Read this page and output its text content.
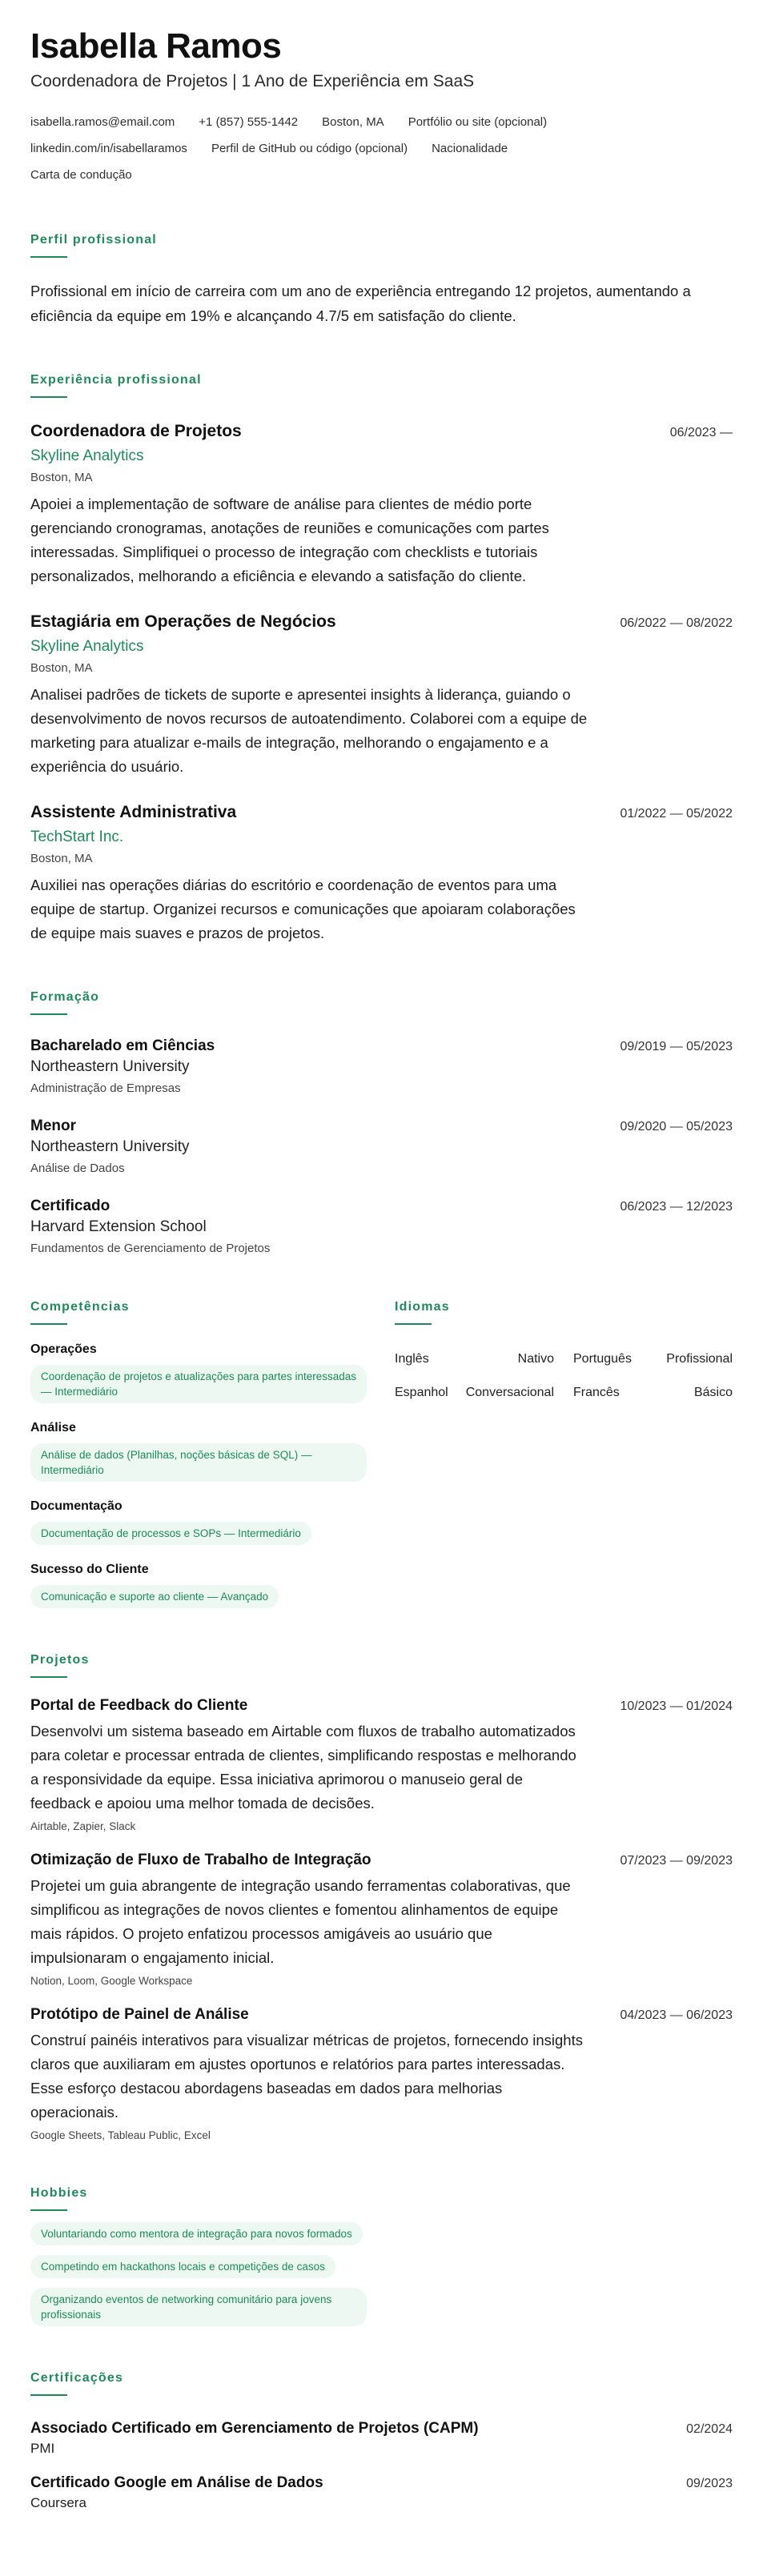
Isabella Ramos
Coordenadora de Projetos | 1 Ano de Experiência em SaaS
isabella.ramos@email.com +1 (857) 555-1442 Boston, MA Portfólio ou site (opcional)
linkedin.com/in/isabellaramos Perfil de GitHub ou código (opcional) Nacionalidade
Carta de condução
Perfil profissional

Profissional em início de carreira com um ano de experiência entregando 12 projetos, aumentando a eficiência da equipe em 19% e alcançando 4.7/5 em satisfação do cliente.

Experiência profissional
Coordenadora de Projetos	06/2023 —
Skyline Analytics
Boston, MA

Apoiei a implementação de software de análise para clientes de médio porte gerenciando cronogramas, anotações de reuniões e comunicações com partes interessadas. Simplifiquei o processo de integração com checklists e tutoriais personalizados, melhorando a eficiência e elevando a satisfação do cliente.

Estagiária em Operações de Negócios	06/2022 — 08/2022
Skyline Analytics
Boston, MA

Analisei padrões de tickets de suporte e apresentei insights à liderança, guiando o desenvolvimento de novos recursos de autoatendimento. Colaborei com a equipe de marketing para atualizar e-mails de integração, melhorando o engajamento e a experiência do usuário.

Assistente Administrativa	01/2022 — 05/2022
TechStart Inc.
Boston, MA

Auxiliei nas operações diárias do escritório e coordenação de eventos para uma equipe de startup. Organizei recursos e comunicações que apoiaram colaborações de equipe mais suaves e prazos de projetos.

Formação
Bacharelado em Ciências	09/2019 — 05/2023
Northeastern University
Administração de Empresas
Menor	09/2020 — 05/2023
Northeastern University
Análise de Dados
Certificado	06/2023 — 12/2023
Harvard Extension School
Fundamentos de Gerenciamento de Projetos
Competências
Operações
Coordenação de projetos e atualizações para partes interessadas — Intermediário
Análise
Análise de dados (Planilhas, noções básicas de SQL) — Intermediário
Documentação
Documentação de processos e SOPs — Intermediário
Sucesso do Cliente
Comunicação e suporte ao cliente — Avançado
Idiomas
Inglês	Nativo Português	Profissional
Espanhol Conversacional Francês	Básico
Projetos
Portal de Feedback do Cliente	10/2023 — 01/2024

Desenvolvi um sistema baseado em Airtable com fluxos de trabalho automatizados para coletar e processar entrada de clientes, simplificando respostas e melhorando a responsividade da equipe. Essa iniciativa aprimorou o manuseio geral de feedback e apoiou uma melhor tomada de decisões.

Airtable, Zapier, Slack
Otimização de Fluxo de Trabalho de Integração	07/2023 — 09/2023

Projetei um guia abrangente de integração usando ferramentas colaborativas, que simplificou as integrações de novos clientes e fomentou alinhamentos de equipe mais rápidos. O projeto enfatizou processos amigáveis ao usuário que impulsionaram o engajamento inicial.

Notion, Loom, Google Workspace
Protótipo de Painel de Análise	04/2023 — 06/2023

Construí painéis interativos para visualizar métricas de projetos, fornecendo insights claros que auxiliaram em ajustes oportunos e relatórios para partes interessadas. Esse esforço destacou abordagens baseadas em dados para melhorias operacionais.

Google Sheets, Tableau Public, Excel
Hobbies
Voluntariando como mentora de integração para novos formados
Competindo em hackathons locais e competições de casos
Organizando eventos de networking comunitário para jovens profissionais
Certificações
Associado Certificado em Gerenciamento de Projetos (CAPM)	02/2024
PMI
Certificado Google em Análise de Dados	09/2023
Coursera
